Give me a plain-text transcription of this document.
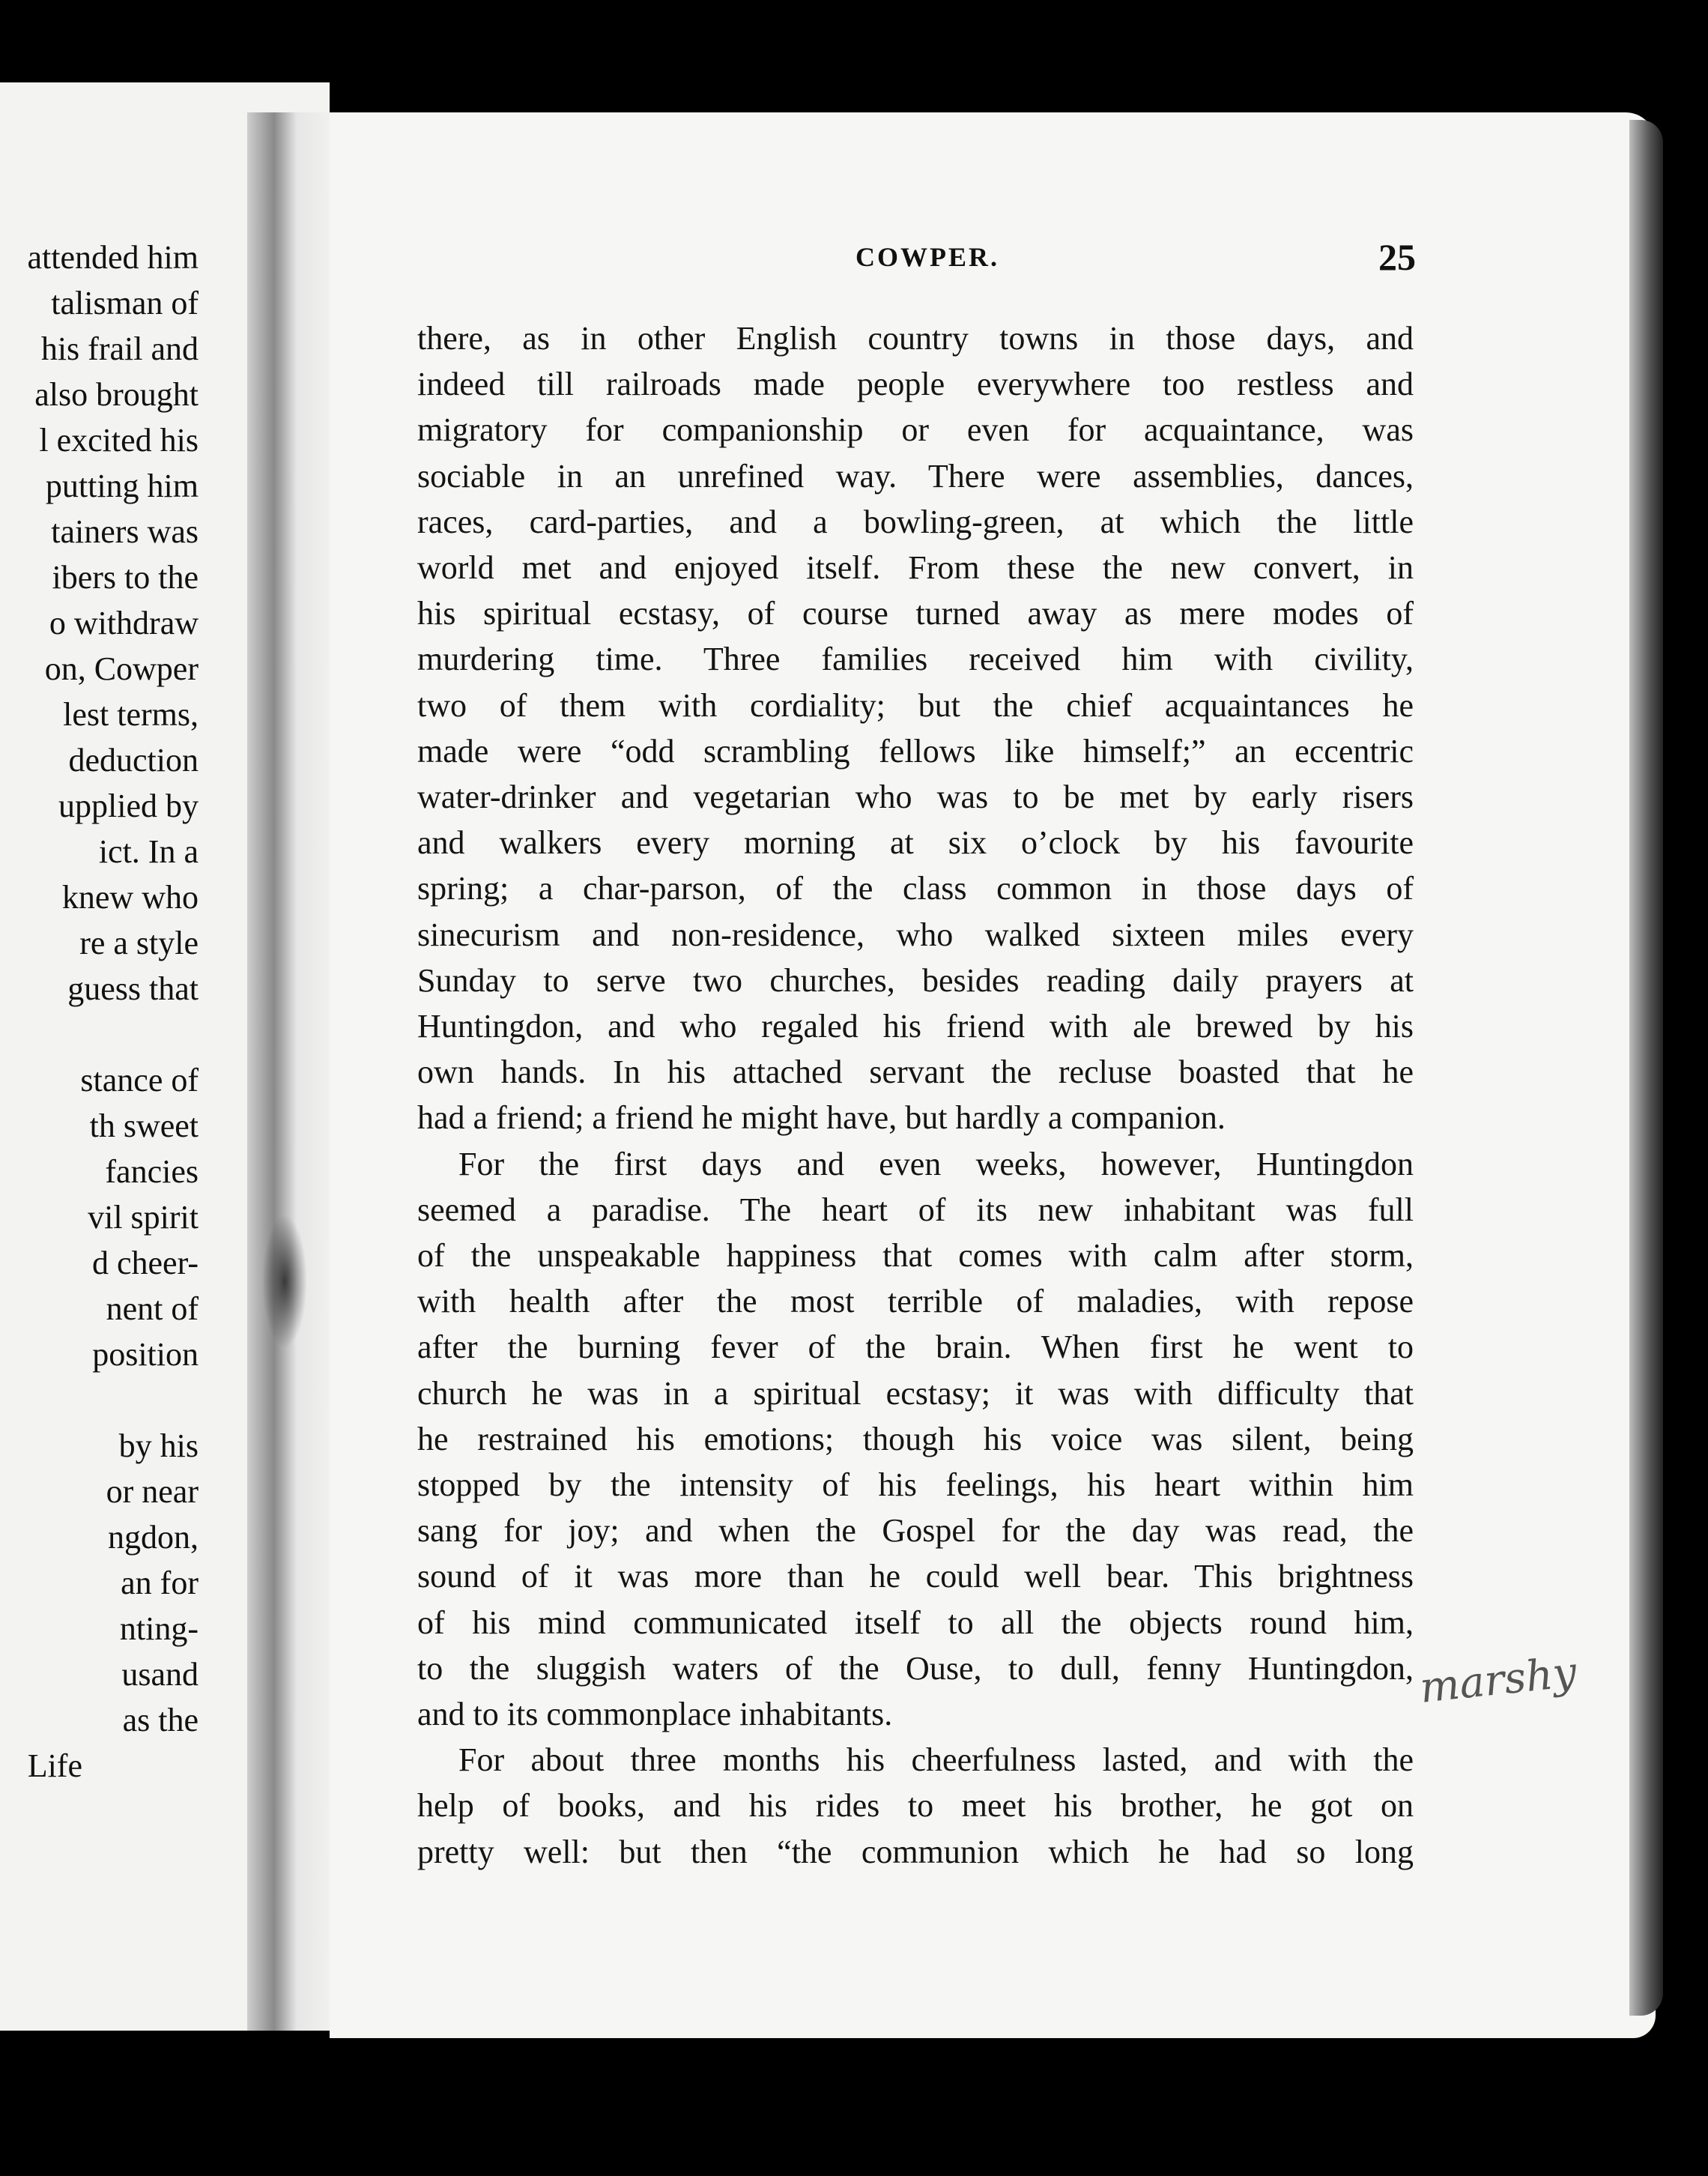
attended him
talisman of
his frail and
also brought
l excited his
putting him
tainers was
ibers to the
o withdraw
on, Cowper
lest terms,
deduction
upplied by
ict. In a
knew who
re a style
guess that
stance of
th sweet
fancies
vil spirit
d cheer-
nent of
position
by his
or near
ngdon,
an for
nting-
usand
as the
Life
COWPER.	25
there, as in other English country towns in those days, and
indeed till railroads made people everywhere too restless and
migratory for companionship or even for acquaintance, was
sociable in an unrefined way. There were assemblies, dances,
races, card-parties, and a bowling-green, at which the little
world met and enjoyed itself. From these the new convert, in
his spiritual ecstasy, of course turned away as mere modes of
murdering time. Three families received him with civility,
two of them with cordiality; but the chief acquaintances he
made were “odd scrambling fellows like himself;” an eccentric
water-drinker and vegetarian who was to be met by early risers
and walkers every morning at six o’clock by his favourite
spring; a char-parson, of the class common in those days of
sinecurism and non-residence, who walked sixteen miles every
Sunday to serve two churches, besides reading daily prayers at
Huntingdon, and who regaled his friend with ale brewed by his
own hands. In his attached servant the recluse boasted that he
had a friend; a friend he might have, but hardly a companion.
For the first days and even weeks, however, Huntingdon
seemed a paradise. The heart of its new inhabitant was full
of the unspeakable happiness that comes with calm after storm,
with health after the most terrible of maladies, with repose
after the burning fever of the brain. When first he went to
church he was in a spiritual ecstasy; it was with difficulty that
he restrained his emotions; though his voice was silent, being
stopped by the intensity of his feelings, his heart within him
sang for joy; and when the Gospel for the day was read, the
sound of it was more than he could well bear. This brightness
of his mind communicated itself to all the objects round him,
to the sluggish waters of the Ouse, to dull, fenny Huntingdon,
and to its commonplace inhabitants.
For about three months his cheerfulness lasted, and with the
help of books, and his rides to meet his brother, he got on
pretty well: but then “the communion which he had so long
marshy
